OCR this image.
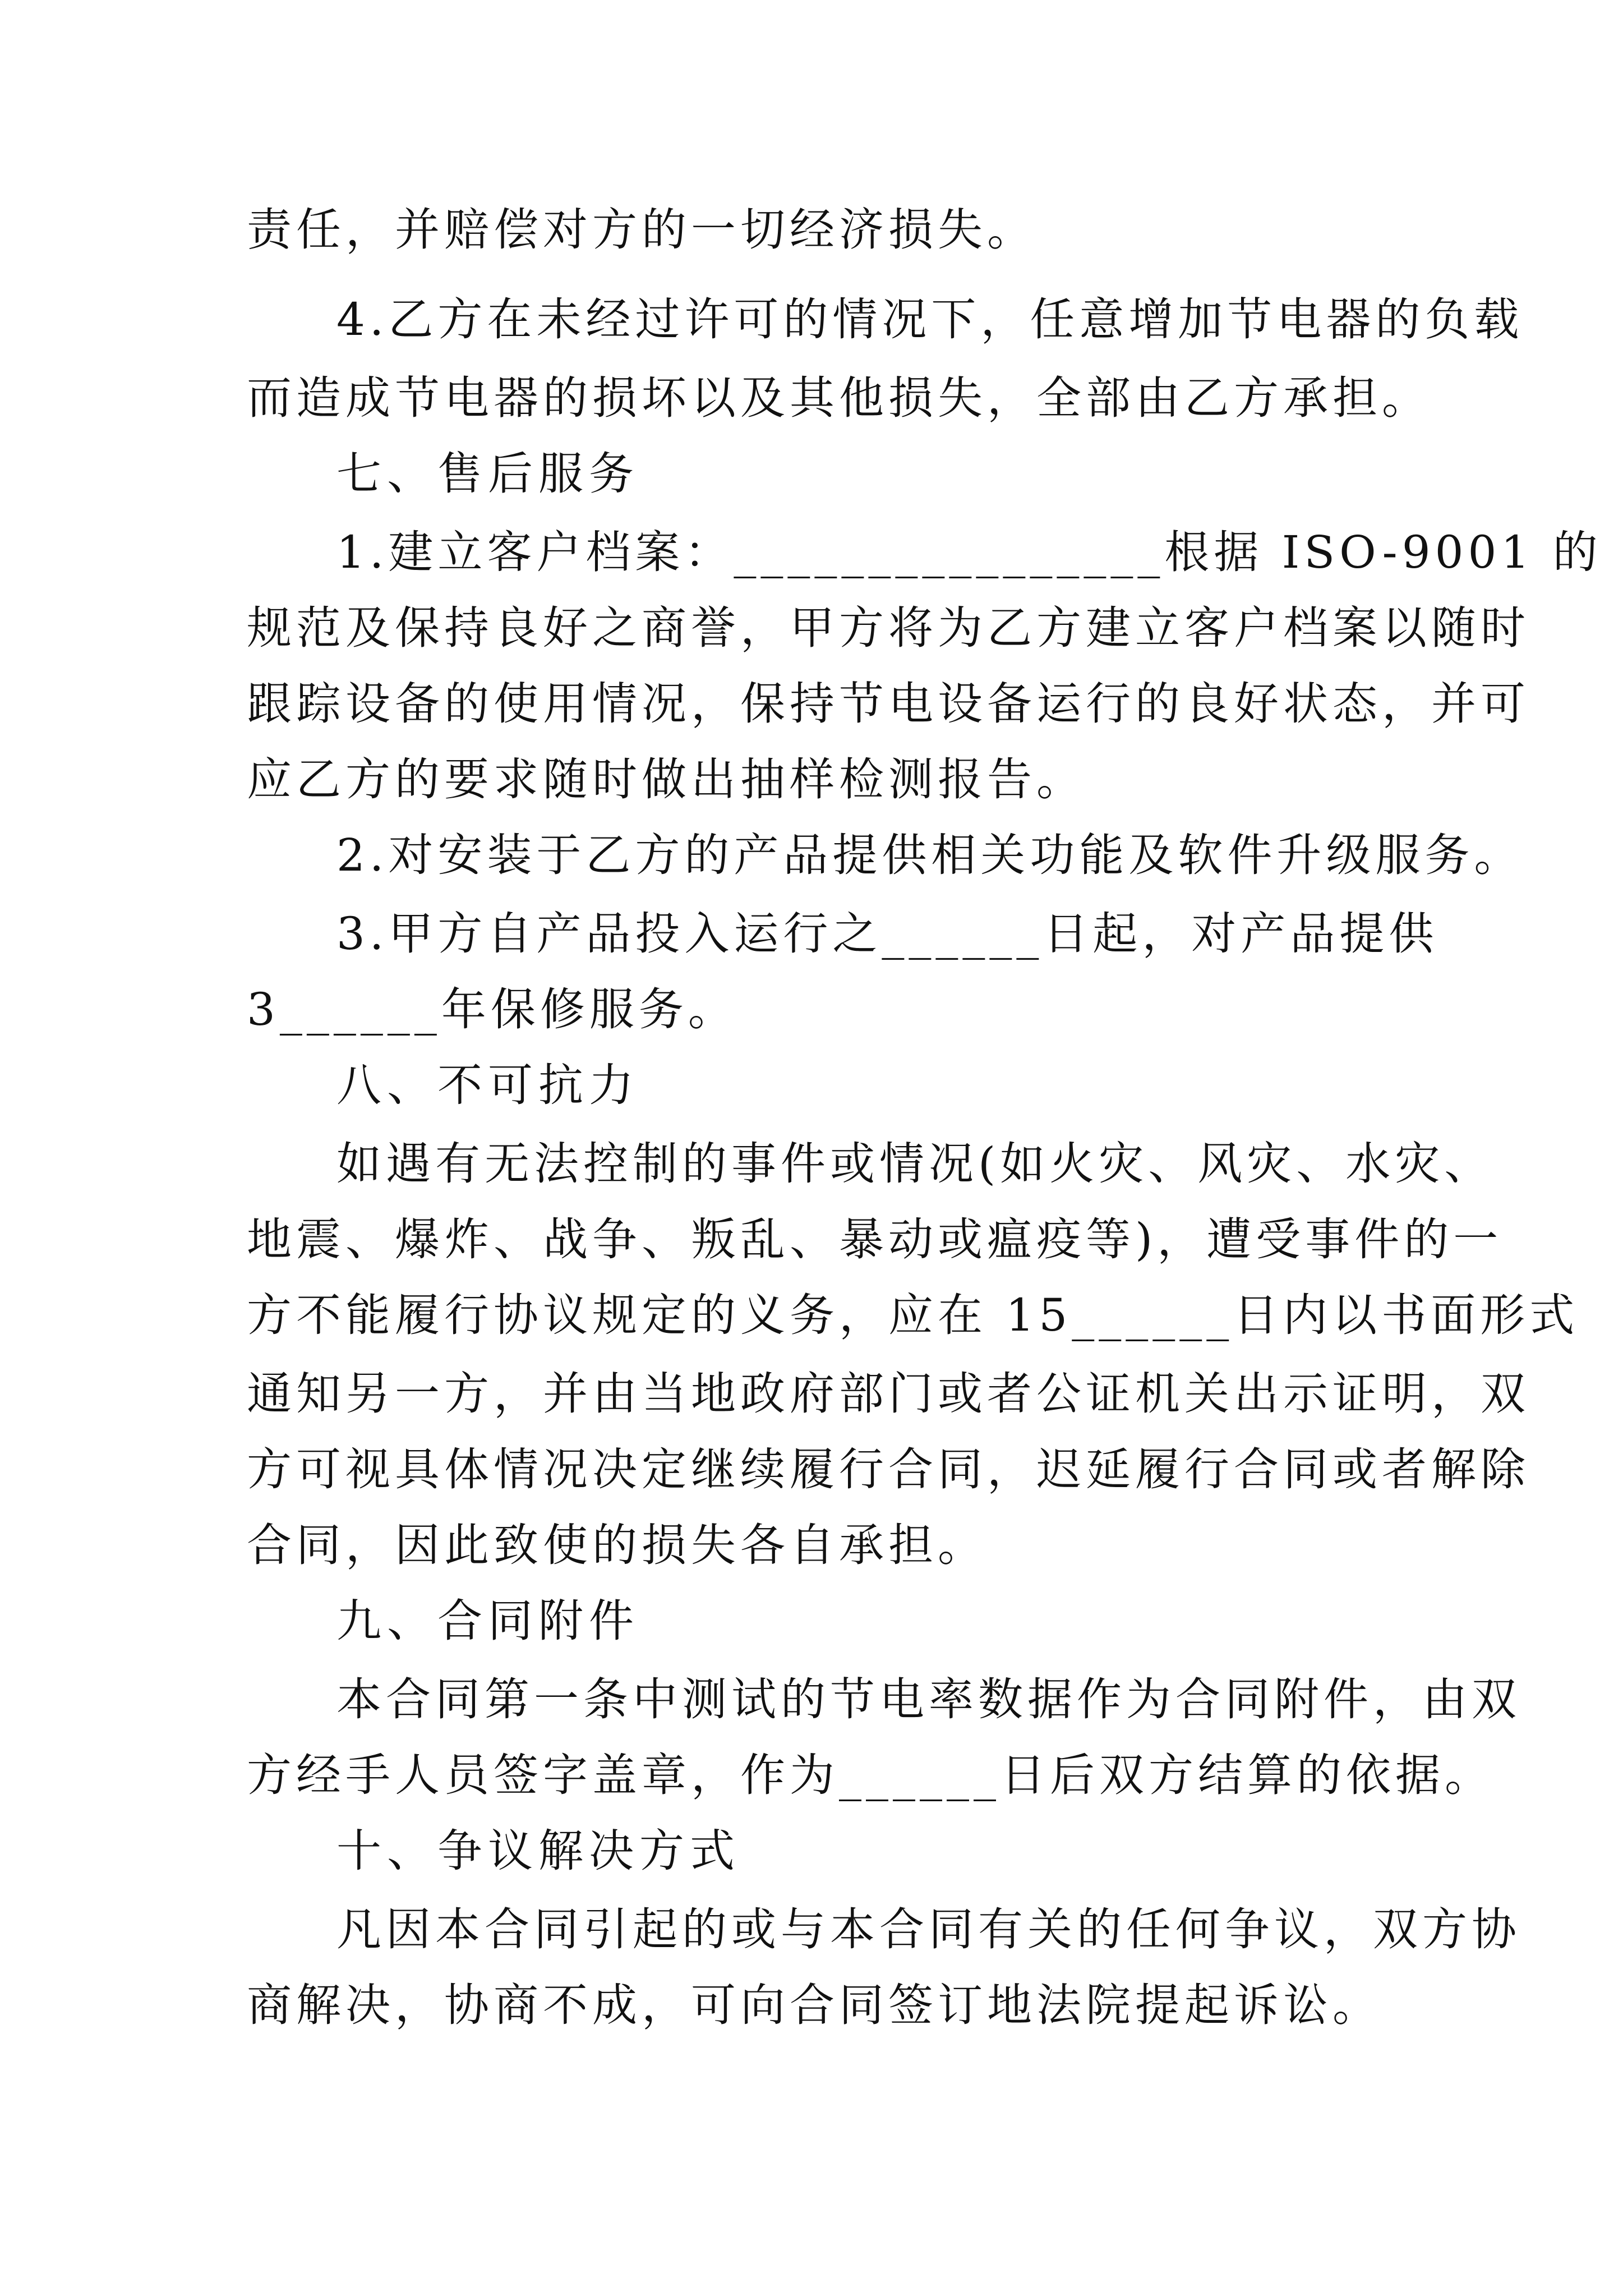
责任，并赔偿对方的一切经济损失。
4.乙方在未经过许可的情况下，任意增加节电器的负载
而造成节电器的损坏以及其他损失，全部由乙方承担。
七、售后服务
1.建立客户档案：________________根据 ISO-9001 的
规范及保持良好之商誉，甲方将为乙方建立客户档案以随时
跟踪设备的使用情况，保持节电设备运行的良好状态，并可
应乙方的要求随时做出抽样检测报告。
2.对安装于乙方的产品提供相关功能及软件升级服务。
3.甲方自产品投入运行之______日起，对产品提供
3______年保修服务。
八、不可抗力
如遇有无法控制的事件或情况(如火灾、风灾、水灾、
地震、爆炸、战争、叛乱、暴动或瘟疫等)，遭受事件的一
方不能履行协议规定的义务，应在 15______日内以书面形式
通知另一方，并由当地政府部门或者公证机关出示证明，双
方可视具体情况决定继续履行合同，迟延履行合同或者解除
合同，因此致使的损失各自承担。
九、合同附件
本合同第一条中测试的节电率数据作为合同附件，由双
方经手人员签字盖章，作为______日后双方结算的依据。
十、争议解决方式
凡因本合同引起的或与本合同有关的任何争议，双方协
商解决，协商不成，可向合同签订地法院提起诉讼。
